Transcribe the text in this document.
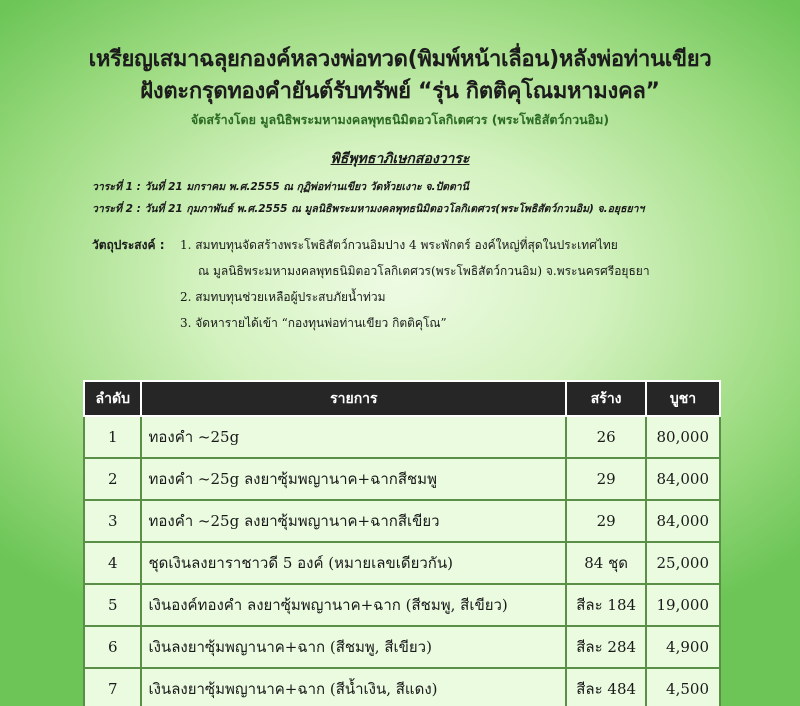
เหรียญเสมาฉลุยกองค์หลวงพ่อทวด(พิมพ์หน้าเลื่อน)หลังพ่อท่านเขียว
ฝังตะกรุดทองคำยันต์รับทรัพย์ “รุ่น กิตติคุโณมหามงคล”
จัดสร้างโดย มูลนิธิพระมหามงคลพุทธนิมิตอวโลกิเตศวร (พระโพธิสัตว์กวนอิม)
พิธีพุทธาภิเษกสองวาระ
วาระที่ 1 : วันที่ 21 มกราคม พ.ศ.2555 ณ กุฏิพ่อท่านเขียว วัดห้วยเงาะ จ.ปัตตานี
วาระที่ 2 : วันที่ 21 กุมภาพันธ์ พ.ศ.2555 ณ มูลนิธิพระมหามงคลพุทธนิมิตอวโลกิเตศวร(พระโพธิสัตว์กวนอิม) จ.อยุธยาฯ
วัตถุประสงค์ : 1. สมทบทุนจัดสร้างพระโพธิสัตว์กวนอิมปาง 4 พระพักตร์ องค์ใหญ่ที่สุดในประเทศไทย
ณ มูลนิธิพระมหามงคลพุทธนิมิตอวโลกิเตศวร(พระโพธิสัตว์กวนอิม) จ.พระนครศรีอยุธยา
2. สมทบทุนช่วยเหลือผู้ประสบภัยน้ำท่วม
3. จัดหารายได้เข้า “กองทุนพ่อท่านเขียว กิตติคุโณ”
ลำดับ	รายการ	สร้าง	บูชา
1	ทองคำ ~25g	26	80,000
2	ทองคำ ~25g ลงยาซุ้มพญานาค+ฉากสีชมพู	29	84,000
3	ทองคำ ~25g ลงยาซุ้มพญานาค+ฉากสีเขียว	29	84,000
4	ชุดเงินลงยาราชาวดี 5 องค์ (หมายเลขเดียวกัน)	84 ชุด	25,000
5	เงินองค์ทองคำ ลงยาซุ้มพญานาค+ฉาก (สีชมพู, สีเขียว)	สีละ 184	19,000
6	เงินลงยาซุ้มพญานาค+ฉาก (สีชมพู, สีเขียว)	สีละ 284	4,900
7	เงินลงยาซุ้มพญานาค+ฉาก (สีน้ำเงิน, สีแดง)	สีละ 484	4,500
